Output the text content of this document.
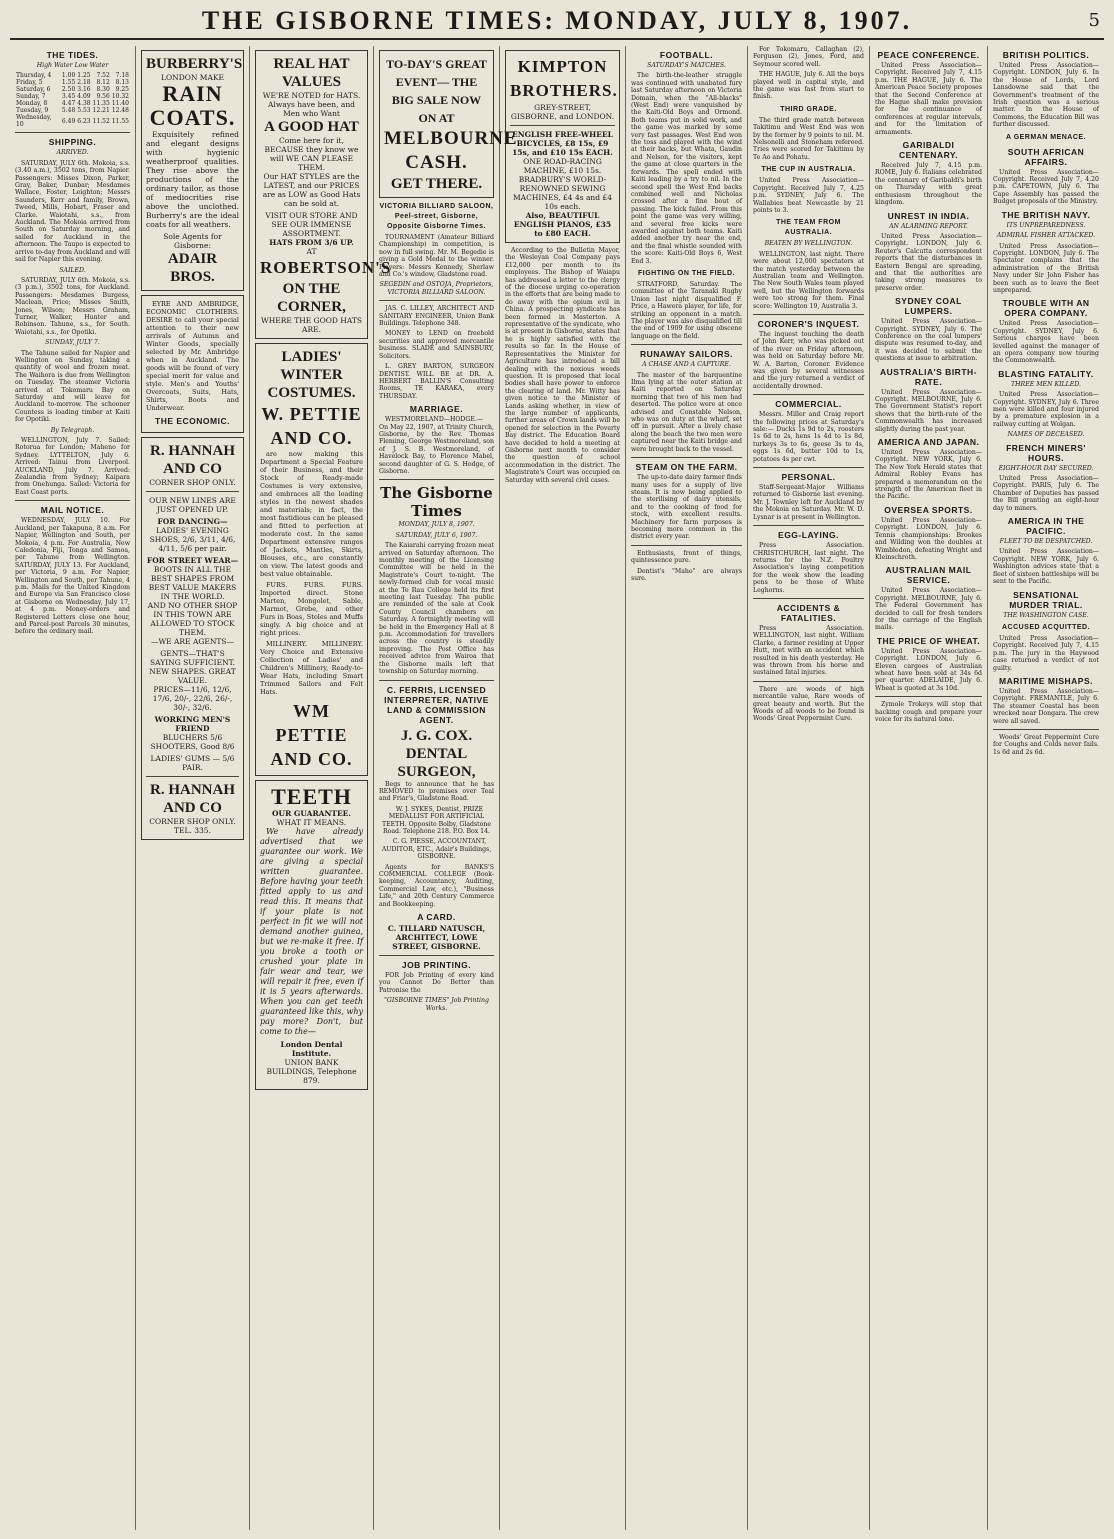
THE GISBORNE TIMES: MONDAY, JULY 8, 1907.	5
THE TIDES.
High Water Low Water
Thursday, 4	1.00	1.25	7.52	7.18
Friday, 5	1.55	2.18	8.12	8.13
Saturday, 6	2.50	3.16	8.30	9.25
Sunday, 7	3.45	4.09	9.56	10.32
Monday, 8	4.47	4.38	11.35	11.40
Tuesday, 9	5.48	5.53	12.21	12.48
Wednesday, 10	6.49	6.23	11.52	11.55
SHIPPING.
ARRIVED.

SATURDAY, JULY 6th. Mokoia, s.s. (3.40 a.m.), 3502 tons, from Napier. Passengers: Misses Dixon, Parker, Gray, Baker, Dunbar; Mesdames Wallace, Foster, Leighton; Messrs Saunders, Kerr and family, Brown, Tweed, Mills, Hobart, Fraser and Clarke. Waiotahi, s.s., from Auckland. The Mokoia arrived from South on Saturday morning, and sailed for Auckland in the afternoon. The Taupo is expected to arrive to-day from Auckland and will sail for Napier this evening.

SAILED.

SATURDAY, JULY 6th. Mokoia, s.s. (3 p.m.), 3502 tons, for Auckland. Passengers: Mesdames Burgess, Maclean, Price; Misses Smith, Jones, Wilson; Messrs Graham, Turner, Walker, Hunter and Robinson. Tahune, s.s., for South. Waiotahi, s.s., for Opotiki.

SUNDAY, JULY 7.

The Tahune sailed for Napier and Wellington on Sunday, taking a quantity of wool and frozen meat. The Waihora is due from Wellington on Tuesday. The steamer Victoria arrived at Tokomaru Bay on Saturday and will leave for Auckland to-morrow. The schooner Countess is loading timber at Kaiti for Opotiki.

By Telegraph.

WELLINGTON, July 7. Sailed: Rotorua for London; Maheno for Sydney. LYTTELTON, July 6. Arrived: Tainui from Liverpool. AUCKLAND, July 7. Arrived: Zealandia from Sydney; Kaipara from Onehunga. Sailed: Victoria for East Coast ports.

MAIL NOTICE.

WEDNESDAY, JULY 10. For Auckland, per Takapuna, 8 a.m. For Napier, Wellington and South, per Mokoia, 4 p.m. For Australia, New Caledonia, Fiji, Tonga and Samoa, per Tahune from Wellington. SATURDAY, JULY 13. For Auckland, per Victoria, 9 a.m. For Napier, Wellington and South, per Tahune, 4 p.m. Mails for the United Kingdom and Europe via San Francisco close at Gisborne on Wednesday, July 17, at 4 p.m. Money-orders and Registered Letters close one hour, and Parcel-post Parcels 30 minutes, before the ordinary mail.

BURBERRY'S
LONDON MAKE
RAIN COATS.

Exquisitely refined and elegant designs with hygienic weatherproof qualities. They rise above the productions of the ordinary tailor, as those of mediocrities rise above the unclothed. Burberry's are the ideal coats for all weathers.

Sole Agents for Gisborne:
ADAIR BROS.

EYRE AND AMBRIDGE, ECONOMIC CLOTHIERS. DESIRE to call your special attention to their new arrivals of Autumn and Winter Goods, specially selected by Mr. Ambridge when in Auckland. The goods will be found of very special merit for value and style. Men's and Youths' Overcoats, Suits, Hats, Shirts, Boots and Underwear.

THE ECONOMIC.
R. HANNAH AND CO
CORNER SHOP ONLY.
OUR NEW LINES ARE JUST OPENED UP.
FOR DANCING—
LADIES' EVENING SHOES, 2/6, 3/11, 4/6, 4/11, 5/6 per pair.
FOR STREET WEAR—
BOOTS IN ALL THE BEST SHAPES FROM BEST VALUE MAKERS IN THE WORLD.
AND NO OTHER SHOP IN THIS TOWN ARE ALLOWED TO STOCK THEM.
—WE ARE AGENTS—
GENTS—THAT'S SAYING SUFFICIENT.
NEW SHAPES. GREAT VALUE.
PRICES—11/6, 12/6, 17/6, 20/-, 22/6, 26/-, 30/-, 32/6.
WORKING MEN'S FRIEND
BLUCHERS 5/6
SHOOTERS, Good 8/6
LADIES' GUMS — 5/6 PAIR.
R. HANNAH AND CO
CORNER SHOP ONLY.
TEL. 335.
REAL HAT VALUES
WE'RE NOTED for HATS. Always have been, and Men who Want
A GOOD HAT
Come here for it, BECAUSE they know we will WE CAN PLEASE THEM.
Our HAT STYLES are the LATEST, and our PRICES are as LOW as Good Hats can be sold at.
VISIT OUR STORE AND SEE OUR IMMENSE ASSORTMENT.
HATS FROM 3/6 UP.
AT
ROBERTSON'S
ON THE CORNER,
WHERE THE GOOD HATS ARE.
LADIES' WINTER COSTUMES.
W. PETTIE AND CO.

are now making this Department a Special Feature of their Business, and their Stock of Ready-made Costumes is very extensive, and embraces all the leading styles in the newest shades and materials; in fact, the most fastidious can be pleased and fitted to perfection at moderate cost. In the same Department extensive ranges of Jackets, Mantles, Skirts, Blouses, etc., are constantly on view. The latest goods and best value obtainable.

FURS. FURS. FURS. Imported direct. Stone Marten, Mongolet, Sable, Marmot, Grebe, and other Furs in Boas, Stoles and Muffs singly. A big choice and at right prices.

MILLINERY. MILLINERY. Very Choice and Extensive Collection of Ladies' and Children's Millinery, Ready-to-Wear Hats, including Smart Trimmed Sailors and Felt Hats.

WM PETTIE AND CO.
TEETH
OUR GUARANTEE.
WHAT IT MEANS.

We have already advertised that we guarantee our work. We are giving a special written guarantee. Before having your teeth fitted apply to us and read this. It means that if your plate is not perfect in fit we will not demand another guinea, but we re-make it free. If you broke a tooth or crushed your plate in fair wear and tear, we will repair it free, even if it is 5 years afterwards. When you can get teeth guaranteed like this, why pay more? Don't, but come to the—

London Dental Institute.
UNION BANK BUILDINGS, Telephone 879.
TO-DAY'S GREAT EVENT— THE BIG SALE NOW ON AT
MELBOURNE CASH.
GET THERE.
VICTORIA BILLIARD SALOON, Peel-street, Gisborne, Opposite Gisborne Times.

TOURNAMENT (Amateur Billiard Championship) in competition, is now in full swing. Mr. M. Begedie is giving a Gold Medal to the winner. Players: Messrs Kennedy, Sherlaw and Co.'s window, Gladstone road.

SEGEDIN and OSTOJA, Proprietors, VICTORIA BILLIARD SALOON.

JAS. C. LILLEY, ARCHITECT AND SANITARY ENGINEER, Union Bank Buildings. Telephone 348.

MONEY to LEND on freehold securities and approved mercantile business. SLADE and SAINSBURY, Solicitors.

L. GREY BARTON, SURGEON DENTIST. WILL BE at DR. A. HERBERT BALLIN'S Consulting Rooms, TE KARAKA, every THURSDAY.

MARRIAGE.

WESTMORELAND—HODGE.— On May 22, 1907, at Trinity Church, Gisborne, by the Rev. Thomas Fleming, George Westmoreland, son of J. S. B. Westmoreland, of Havelock Bay, to Florence Mabel, second daughter of G. S. Hodge, of Gisborne.

The Gisborne Times
MONDAY, JULY 8, 1907.
SATURDAY, JULY 6, 1907.

The Kaiarahi carrying frozen meat arrived on Saturday afternoon. The monthly meeting of the Licensing Committee will be held in the Magistrate's Court to-night. The newly-formed club for vocal music at the Te Rau College held its first meeting last Tuesday. The public are reminded of the sale at Cook County Council chambers on Saturday. A fortnightly meeting will be held in the Emergency Hall at 8 p.m. Accommodation for travellers across the country is steadily improving. The Post Office has received advice from Wairoa that the Gisborne mails left that township on Saturday morning.

C. FERRIS, LICENSED INTERPRETER, NATIVE LAND & COMMISSION AGENT.
J. G. COX. DENTAL SURGEON,

Begs to announce that he has REMOVED to premises over Teal and Friar's, Gladstone Road.

W. J. SYKES, Dentist, PRIZE MEDALLIST FOR ARTIFICIAL TEETH. Opposite Bolby, Gladstone Road. Telephone 218. P.O. Box 14.

C. G. PIESSE, ACCOUNTANT, AUDITOR, ETC., Adair's Buildings, GISBORNE.

Agents for BANKS'S COMMERCIAL COLLEGE (Book-keeping, Accountancy, Auditing, Commercial Law, etc.), "Business Life," and 20th Century Commerce and Bookkeeping.

A CARD.
C. TILLARD NATUSCH, ARCHITECT, LOWE STREET, GISBORNE.
JOB PRINTING.

FOR Job Printing of every kind you Cannot Do Better than Patronise the

"GISBORNE TIMES" Job Printing Works.
KIMPTON BROTHERS.
GREY-STREET, GISBORNE, and LONDON.
ENGLISH FREE-WHEEL BICYCLES, £8 15s, £9 15s, and £10 15s EACH.
ONE ROAD-RACING MACHINE, £10 15s.
BRADBURY'S WORLD-RENOWNED SEWING MACHINES, £4 4s and £4 10s each.
Also, BEAUTIFUL ENGLISH PIANOS, £35 to £80 EACH.

According to the Bulletin Mayor, the Wesleyan Coal Company pays £12,000 per month to its employees. The Bishop of Waiapu has addressed a letter to the clergy of the diocese urging co-operation in the efforts that are being made to do away with the opium evil in China. A prospecting syndicate has been formed in Masterton. A representative of the syndicate, who is at present in Gisborne, states that he is highly satisfied with the results so far. In the House of Representatives the Minister for Agriculture has introduced a bill dealing with the noxious weeds question. It is proposed that local bodies shall have power to enforce the clearing of land. Mr. Witty has given notice to the Minister of Lands asking whether, in view of the large number of applicants, further areas of Crown lands will be opened for selection in the Poverty Bay district. The Education Board have decided to hold a meeting at Gisborne next month to consider the question of school accommodation in the district. The Magistrate's Court was occupied on Saturday with several civil cases.

FOOTBALL.
SATURDAY'S MATCHES.

The birth-the-leather struggle was continued with unabated fury last Saturday afternoon on Victoria Domain, when the "All-blacks" (West End) were vanquished by the Kaiti-Old Boys and Ormond. Both teams put in solid work, and the game was marked by some very fast passages. West End won the toss and played with the wind at their backs, but Whata, Gaudin and Nelson, for the visitors, kept the game at close quarters in the forwards. The spell ended with Kaiti leading by a try to nil. In the second spell the West End backs combined well and Nicholas crossed after a fine bout of passing. The kick failed. From this point the game was very willing, and several free kicks were awarded against both teams. Kaiti added another try near the end, and the final whistle sounded with the score: Kaiti-Old Boys 6, West End 3.

FIGHTING ON THE FIELD.

STRATFORD, Saturday. The committee of the Taranaki Rugby Union last night disqualified F. Price, a Hawera player, for life, for striking an opponent in a match. The player was also disqualified till the end of 1909 for using obscene language on the field.

RUNAWAY SAILORS.
A CHASE AND A CAPTURE.

The master of the barquentine Ilma lying at the outer station at Kaiti reported on Saturday morning that two of his men had deserted. The police were at once advised and Constable Nelson, who was on duty at the wharf, set off in pursuit. After a lively chase along the beach the two men were captured near the Kaiti bridge and were brought back to the vessel.

STEAM ON THE FARM.

The up-to-date dairy farmer finds many uses for a supply of live steam. It is now being applied to the sterilising of dairy utensils, and to the cooking of food for stock, with excellent results. Machinery for farm purposes is becoming more common in the district every year.

Enthusiasts, front of things, quintessence pure.

Dentist's "Maho" are always sure.

For Tokomaru, Callaghan (2), Ferguson (2), Jones, Ford, and Seymour scored well.

THE HAGUE, July 6. All the boys played well in capital style, and the game was fast from start to finish.

THIRD GRADE.

The third grade match between Takitimu and West End was won by the former by 9 points to nil. M. Nelsonelli and Stoneham refereed. Tries were scored for Takitimu by Te Ao and Pohatu.

THE CUP IN AUSTRALIA.

United Press Association—Copyright. Received July 7, 4.25 p.m. SYDNEY, July 6. The Wallabies beat Newcastle by 21 points to 3.

THE TEAM FROM AUSTRALIA.
BEATEN BY WELLINGTON.

WELLINGTON, last night. There were about 12,000 spectators at the match yesterday between the Australian team and Wellington. The New South Wales team played well, but the Wellington forwards were too strong for them. Final score: Wellington 19, Australia 3.

CORONER'S INQUEST.

The inquest touching the death of John Kerr, who was picked out of the river on Friday afternoon, was held on Saturday before Mr. W. A. Barton, Coroner. Evidence was given by several witnesses and the jury returned a verdict of accidentally drowned.

COMMERCIAL.

Messrs. Miller and Craig report the following prices at Saturday's sale:— Ducks 1s 9d to 2s, roosters 1s 6d to 2s, hens 1s 4d to 1s 8d, turkeys 3s to 6s, geese 3s to 4s, eggs 1s 6d, butter 10d to 1s, potatoes 4s per cwt.

PERSONAL.

Staff-Sergeant-Major Williams returned to Gisborne last evening. Mr. J. Townley left for Auckland by the Mokoia on Saturday. Mr. W. D. Lysnar is at present in Wellington.

EGG-LAYING.

Press Association. CHRISTCHURCH, last night. The returns for the N.Z. Poultry Association's laying competition for the week show the leading pens to be those of White Leghorns.

ACCIDENTS & FATALITIES.

Press Association. WELLINGTON, last night. William Clarke, a farmer residing at Upper Hutt, met with an accident which resulted in his death yesterday. He was thrown from his horse and sustained fatal injuries.

There are woods of high mercantile value, Rare woods of great beauty and worth. But the Woods of all woods to be found is Woods' Great Peppermint Cure.

PEACE CONFERENCE.

United Press Association—Copyright. Received July 7, 4.15 p.m. THE HAGUE, July 6. The American Peace Society proposes that the Second Conference at the Hague shall make provision for the continuance of conferences at regular intervals, and for the limitation of armaments.

GARIBALDI CENTENARY.

Received July 7, 4.15 p.m. ROME, July 6. Italians celebrated the centenary of Garibaldi's birth on Thursday with great enthusiasm throughout the kingdom.

UNREST IN INDIA.
AN ALARMING REPORT.

United Press Association—Copyright. LONDON, July 6. Reuter's Calcutta correspondent reports that the disturbances in Eastern Bengal are spreading, and that the authorities are taking strong measures to preserve order.

SYDNEY COAL LUMPERS.

United Press Association—Copyright. SYDNEY, July 6. The Conference on the coal lumpers' dispute was resumed to-day, and it was decided to submit the questions at issue to arbitration.

AUSTRALIA'S BIRTH-RATE.

United Press Association—Copyright. MELBOURNE, July 6. The Government Statist's report shows that the birth-rate of the Commonwealth has increased slightly during the past year.

AMERICA AND JAPAN.

United Press Association—Copyright. NEW YORK, July 6. The New York Herald states that Admiral Robley Evans has prepared a memorandum on the strength of the American fleet in the Pacific.

OVERSEA SPORTS.

United Press Association—Copyright. LONDON, July 6. Tennis championships: Brookes and Wilding won the doubles at Wimbledon, defeating Wright and Kleinschroth.

AUSTRALIAN MAIL SERVICE.

United Press Association—Copyright. MELBOURNE, July 6. The Federal Government has decided to call for fresh tenders for the carriage of the English mails.

THE PRICE OF WHEAT.

United Press Association—Copyright. LONDON, July 6. Eleven cargoes of Australian wheat have been sold at 34s 6d per quarter. ADELAIDE, July 6. Wheat is quoted at 3s 10d.

Zymole Trokeys will stop that hacking cough and prepare your voice for its natural tone.

BRITISH POLITICS.

United Press Association—Copyright. LONDON, July 6. In the House of Lords, Lord Lansdowne said that the Government's treatment of the Irish question was a serious matter. In the House of Commons, the Education Bill was further discussed.

A GERMAN MENACE.
SOUTH AFRICAN AFFAIRS.

United Press Association—Copyright. Received July 7, 4.20 p.m. CAPETOWN, July 6. The Cape Assembly has passed the Budget proposals of the Ministry.

THE BRITISH NAVY.
ITS UNPREPAREDNESS.
ADMIRAL FISHER ATTACKED.

United Press Association—Copyright. LONDON, July 6. The Spectator complains that the administration of the British Navy under Sir John Fisher has been such as to leave the fleet unprepared.

TROUBLE WITH AN OPERA COMPANY.

United Press Association—Copyright. SYDNEY, July 6. Serious charges have been levelled against the manager of an opera company now touring the Commonwealth.

BLASTING FATALITY.
THREE MEN KILLED.

United Press Association—Copyright. SYDNEY, July 6. Three men were killed and four injured by a premature explosion in a railway cutting at Wolgan.

NAMES OF DECEASED.
FRENCH MINERS' HOURS.
EIGHT-HOUR DAY SECURED.

United Press Association—Copyright. PARIS, July 6. The Chamber of Deputies has passed the Bill granting an eight-hour day to miners.

AMERICA IN THE PACIFIC.
FLEET TO BE DESPATCHED.

United Press Association—Copyright. NEW YORK, July 6. Washington advices state that a fleet of sixteen battleships will be sent to the Pacific.

SENSATIONAL MURDER TRIAL.
THE WASHINGTON CASE.
ACCUSED ACQUITTED.

United Press Association—Copyright. Received July 7, 4.15 p.m. The jury in the Haywood case returned a verdict of not guilty.

MARITIME MISHAPS.

United Press Association—Copyright. FREMANTLE, July 6. The steamer Coastal has been wrecked near Dongara. The crew were all saved.

Woods' Great Peppermint Cure for Coughs and Colds never fails. 1s 6d and 2s 6d.
